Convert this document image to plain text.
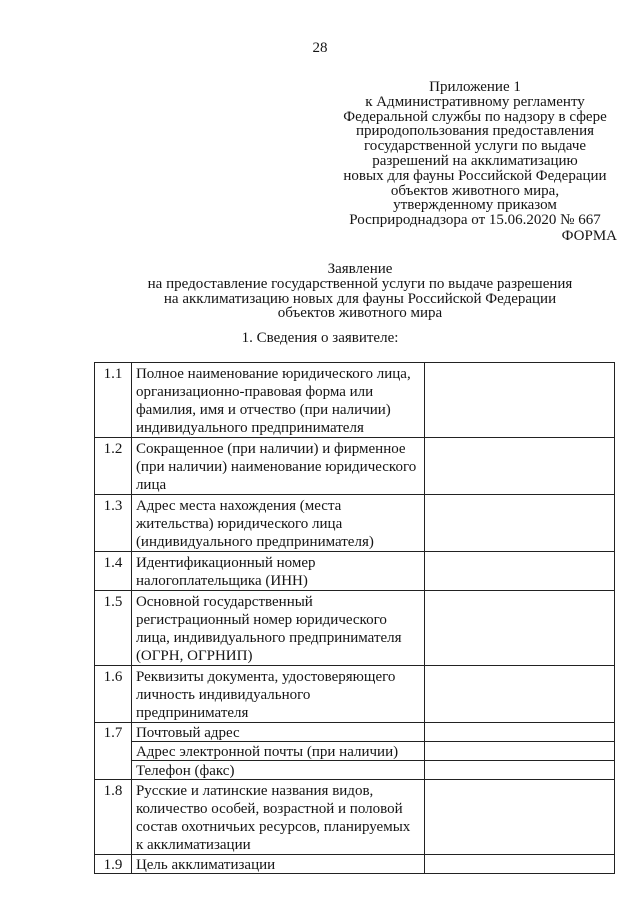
28
Приложение 1
к Административному регламенту
Федеральной службы по надзору в сфере
природопользования предоставления
государственной услуги по выдаче
разрешений на акклиматизацию
новых для фауны Российской Федерации
объектов животного мира,
утвержденному приказом
Росприроднадзора от 15.06.2020 № 667
ФОРМА
Заявление
на предоставление государственной услуги по выдаче разрешения
на акклиматизацию новых для фауны Российской Федерации
объектов животного мира
1. Сведения о заявителе:
1.1	Полное наименование юридического лица, организационно-правовая форма или фамилия, имя и отчество (при наличии) индивидуального предпринимателя	
1.2	Сокращенное (при наличии) и фирменное (при наличии) наименование юридического лица	
1.3	Адрес места нахождения (места жительства) юридического лица (индивидуального предпринимателя)	
1.4	Идентификационный номер налогоплательщика (ИНН)	
1.5	Основной государственный регистрационный номер юридического лица, индивидуального предпринимателя (ОГРН, ОГРНИП)	
1.6	Реквизиты документа, удостоверяющего личность индивидуального предпринимателя	
1.7	Почтовый адрес	
	Адрес электронной почты (при наличии)	
	Телефон (факс)	
1.8	Русские и латинские названия видов, количество особей, возрастной и половой состав охотничьих ресурсов, планируемых к акклиматизации	
1.9	Цель акклиматизации	
